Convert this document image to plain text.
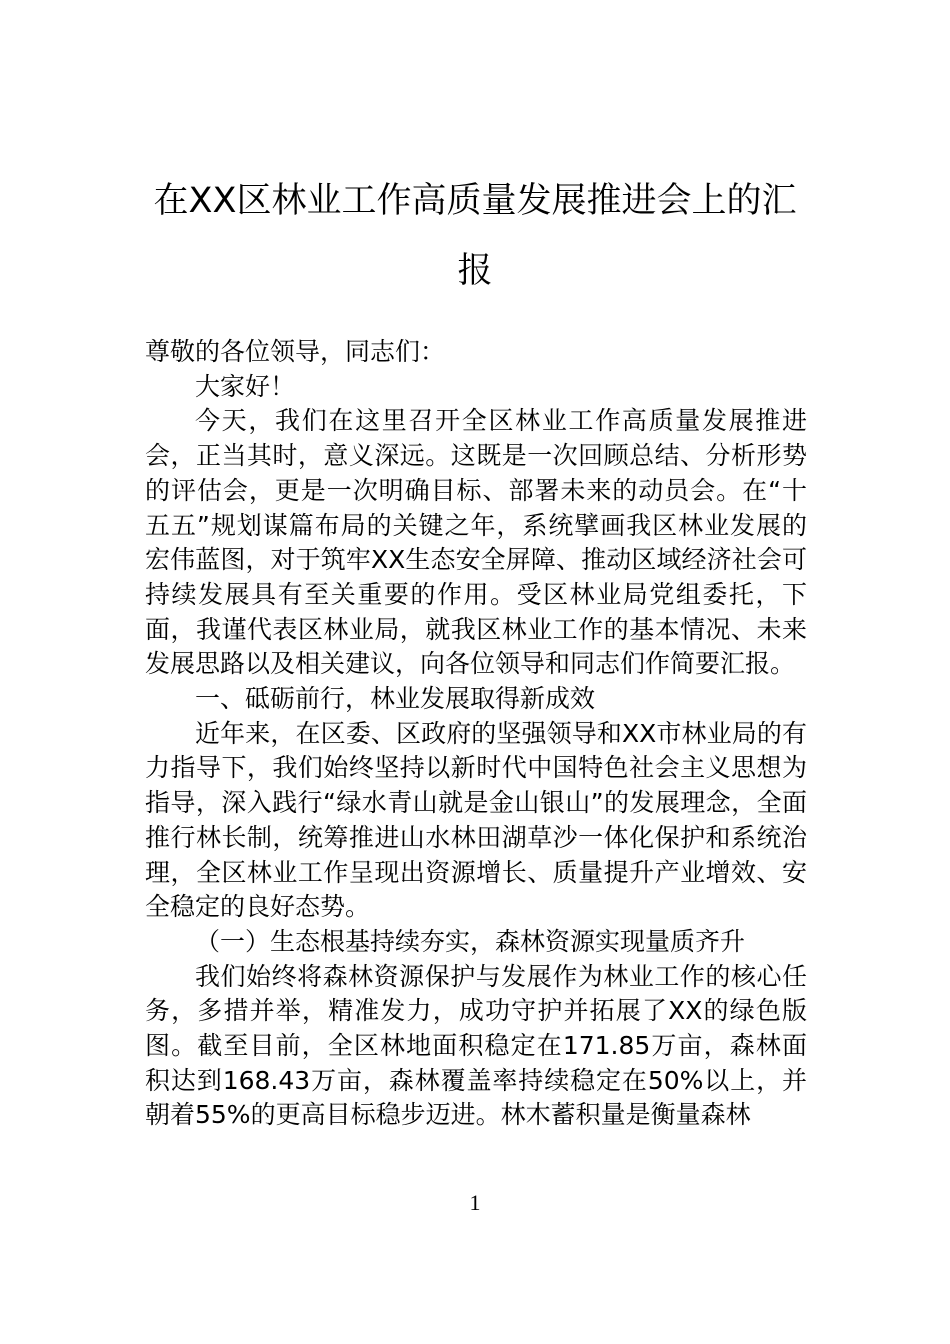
在XX区林业工作高质量发展推进会上的汇报

尊敬的各位领导，同志们：

大家好！

今天，我们在这里召开全区林业工作高质量发展推进会，正当其时，意义深远。这既是一次回顾总结、分析形势的评估会，更是一次明确目标、部署未来的动员会。在“十五五”规划谋篇布局的关键之年，系统擘画我区林业发展的宏伟蓝图，对于筑牢XX生态安全屏障、推动区域经济社会可持续发展具有至关重要的作用。受区林业局党组委托，下面，我谨代表区林业局，就我区林业工作的基本情况、未来发展思路以及相关建议，向各位领导和同志们作简要汇报。

一、砥砺前行，林业发展取得新成效

近年来，在区委、区政府的坚强领导和XX市林业局的有力指导下，我们始终坚持以新时代中国特色社会主义思想为指导，深入践行“绿水青山就是金山银山”的发展理念，全面推行林长制，统筹推进山水林田湖草沙一体化保护和系统治理，全区林业工作呈现出资源增长、质量提升产业增效、安全稳定的良好态势。

（一）生态根基持续夯实，森林资源实现量质齐升

我们始终将森林资源保护与发展作为林业工作的核心任务，多措并举，精准发力，成功守护并拓展了XX的绿色版图。截至目前，全区林地面积稳定在171.85万亩，森林面积达到168.43万亩，森林覆盖率持续稳定在50%以上，并朝着55%的更高目标稳步迈进。林木蓄积量是衡量森林

1
